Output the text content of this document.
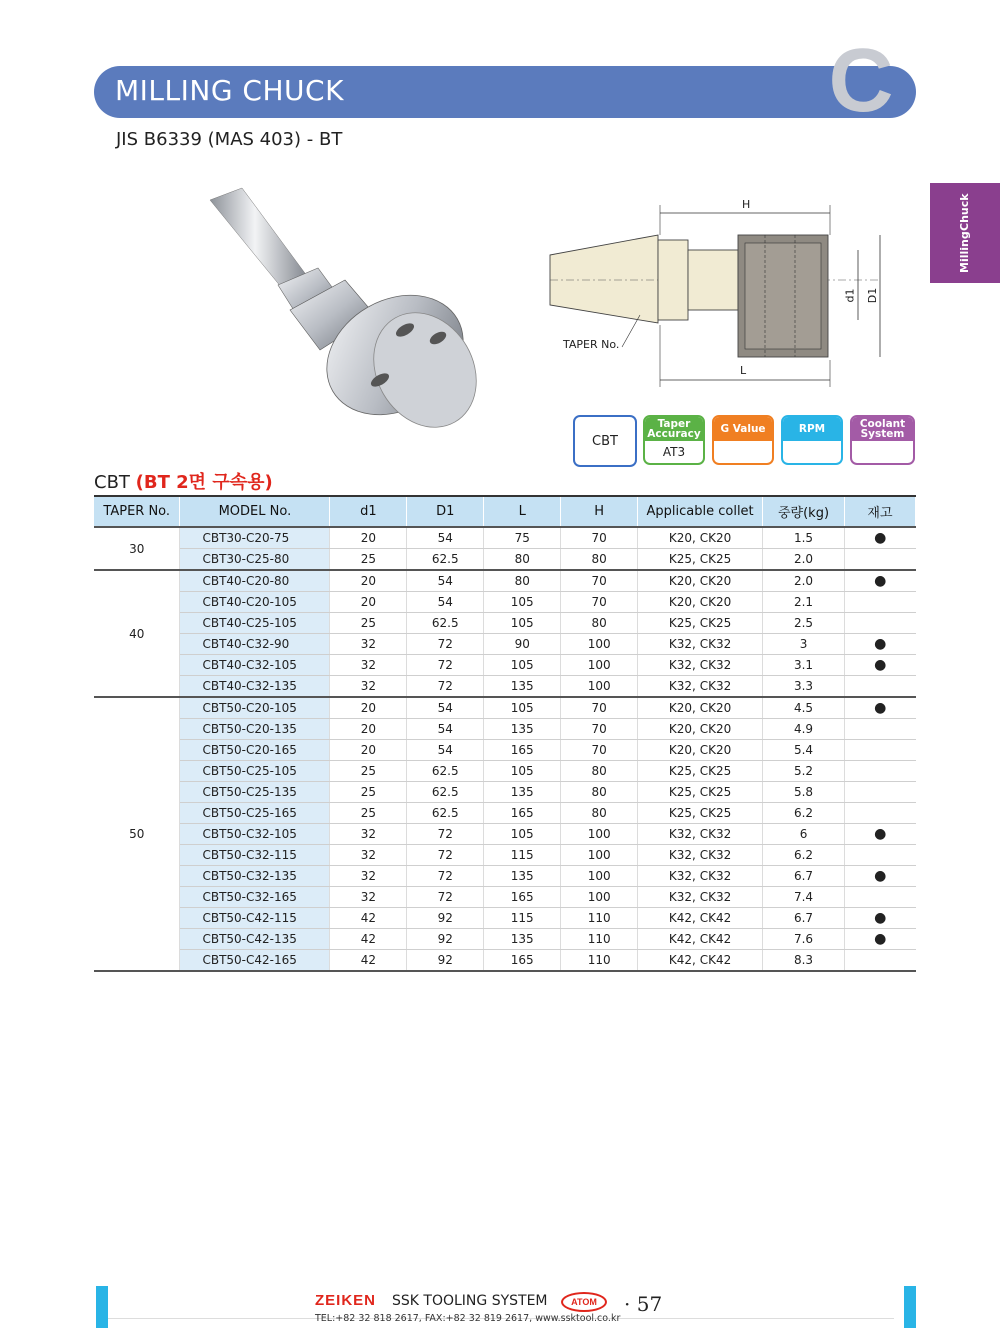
MILLING CHUCK	C
JIS B6339 (MAS 403) - BT
Milling

Chuck
H
L
d1 D1
TAPER No.
CBT
Taper
Accuracy
AT3
G Value	RPM	Coolant
System
CBT (BT 2면 구속용)
TAPER No.	MODEL No.	d1	D1	L	H	Applicable collet	중량(kg)	재고
30	CBT30-C20-75	20	54	75	70	K20, CK20	1.5	●
	CBT30-C25-80	25	62.5	80	80	K25, CK25	2.0	
40	CBT40-C20-80	20	54	80	70	K20, CK20	2.0	●
	CBT40-C20-105	20	54	105	70	K20, CK20	2.1	
	CBT40-C25-105	25	62.5	105	80	K25, CK25	2.5	
	CBT40-C32-90	32	72	90	100	K32, CK32	3	●
	CBT40-C32-105	32	72	105	100	K32, CK32	3.1	●
	CBT40-C32-135	32	72	135	100	K32, CK32	3.3	
50	CBT50-C20-105	20	54	105	70	K20, CK20	4.5	●
	CBT50-C20-135	20	54	135	70	K20, CK20	4.9	
	CBT50-C20-165	20	54	165	70	K20, CK20	5.4	
	CBT50-C25-105	25	62.5	105	80	K25, CK25	5.2	
	CBT50-C25-135	25	62.5	135	80	K25, CK25	5.8	
	CBT50-C25-165	25	62.5	165	80	K25, CK25	6.2	
	CBT50-C32-105	32	72	105	100	K32, CK32	6	●
	CBT50-C32-115	32	72	115	100	K32, CK32	6.2	
	CBT50-C32-135	32	72	135	100	K32, CK32	6.7	●
	CBT50-C32-165	32	72	165	100	K32, CK32	7.4	
	CBT50-C42-115	42	92	115	110	K42, CK42	6.7	●
	CBT50-C42-135	42	92	135	110	K42, CK42	7.6	●
	CBT50-C42-165	42	92	165	110	K42, CK42	8.3	
ZEIKEN SSK TOOLING SYSTEM	ATOM	· 57
TEL:+82 32 818 2617, FAX:+82 32 819 2617, www.ssktool.co.kr
